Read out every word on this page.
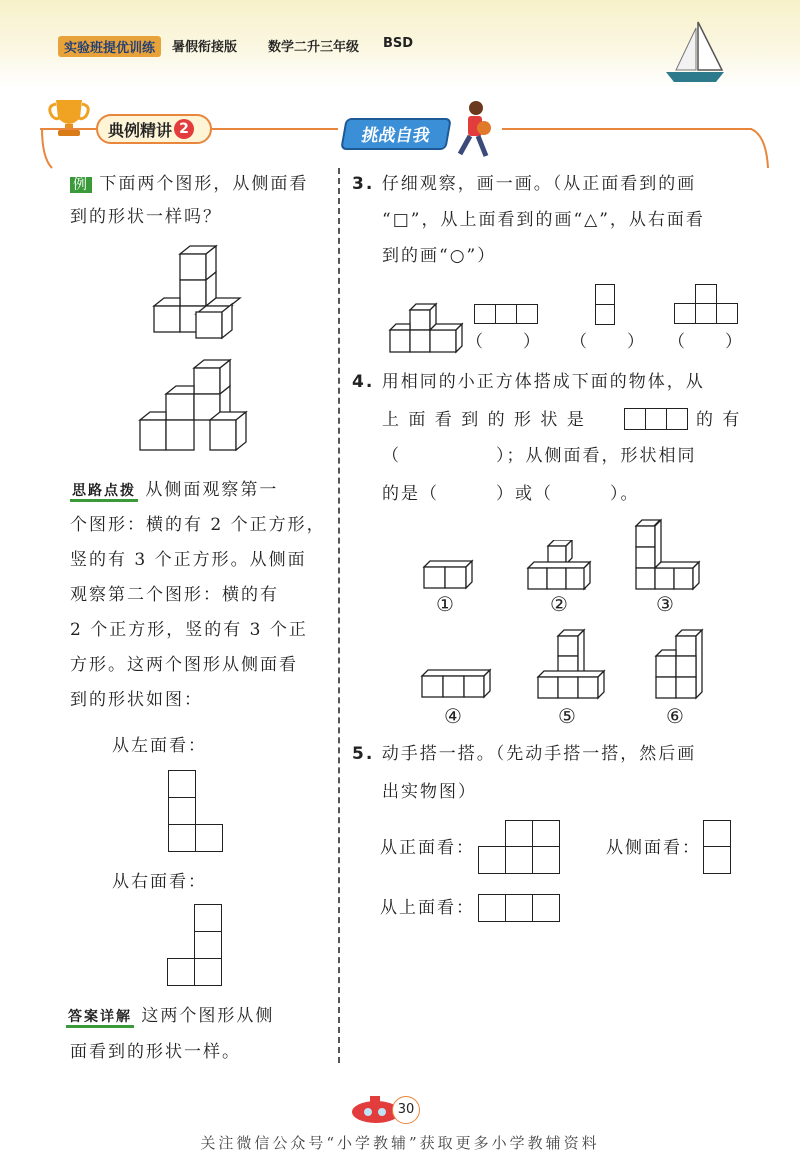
实验班提优训练	暑假衔接版 数学二升三年级 BSD
典例精讲 2	挑战自我
例 下面两个图形，从侧面看
到的形状一样吗？
思路点拨 从侧面观察第一
个图形：横的有 2 个正方形，
竖的有 3 个正方形。从侧面
观察第二个图形：横的有
2 个正方形，竖的有 3 个正
方形。这两个图形从侧面看
到的形状如图：
从左面看：
从右面看：
答案详解 这两个图形从侧
面看到的形状一样。
3. 仔细观察，画一画。（从正面看到的画
“□”，从上面看到的画“△”，从右面看
到的画“○”）
（　　） （　　） （　　）
4. 用相同的小正方体搭成下面的物体，从
上 面 看 到 的 形 状 是	的 有
（　　　　　）；从侧面看，形状相同
的是（　　　）或（　　　）。
①	②	③
④	⑤	⑥
5. 动手搭一搭。（先动手搭一搭，然后画
出实物图）
从正面看：	从侧面看：
从上面看：
30
关注微信公众号“小学教辅”获取更多小学教辅资料
